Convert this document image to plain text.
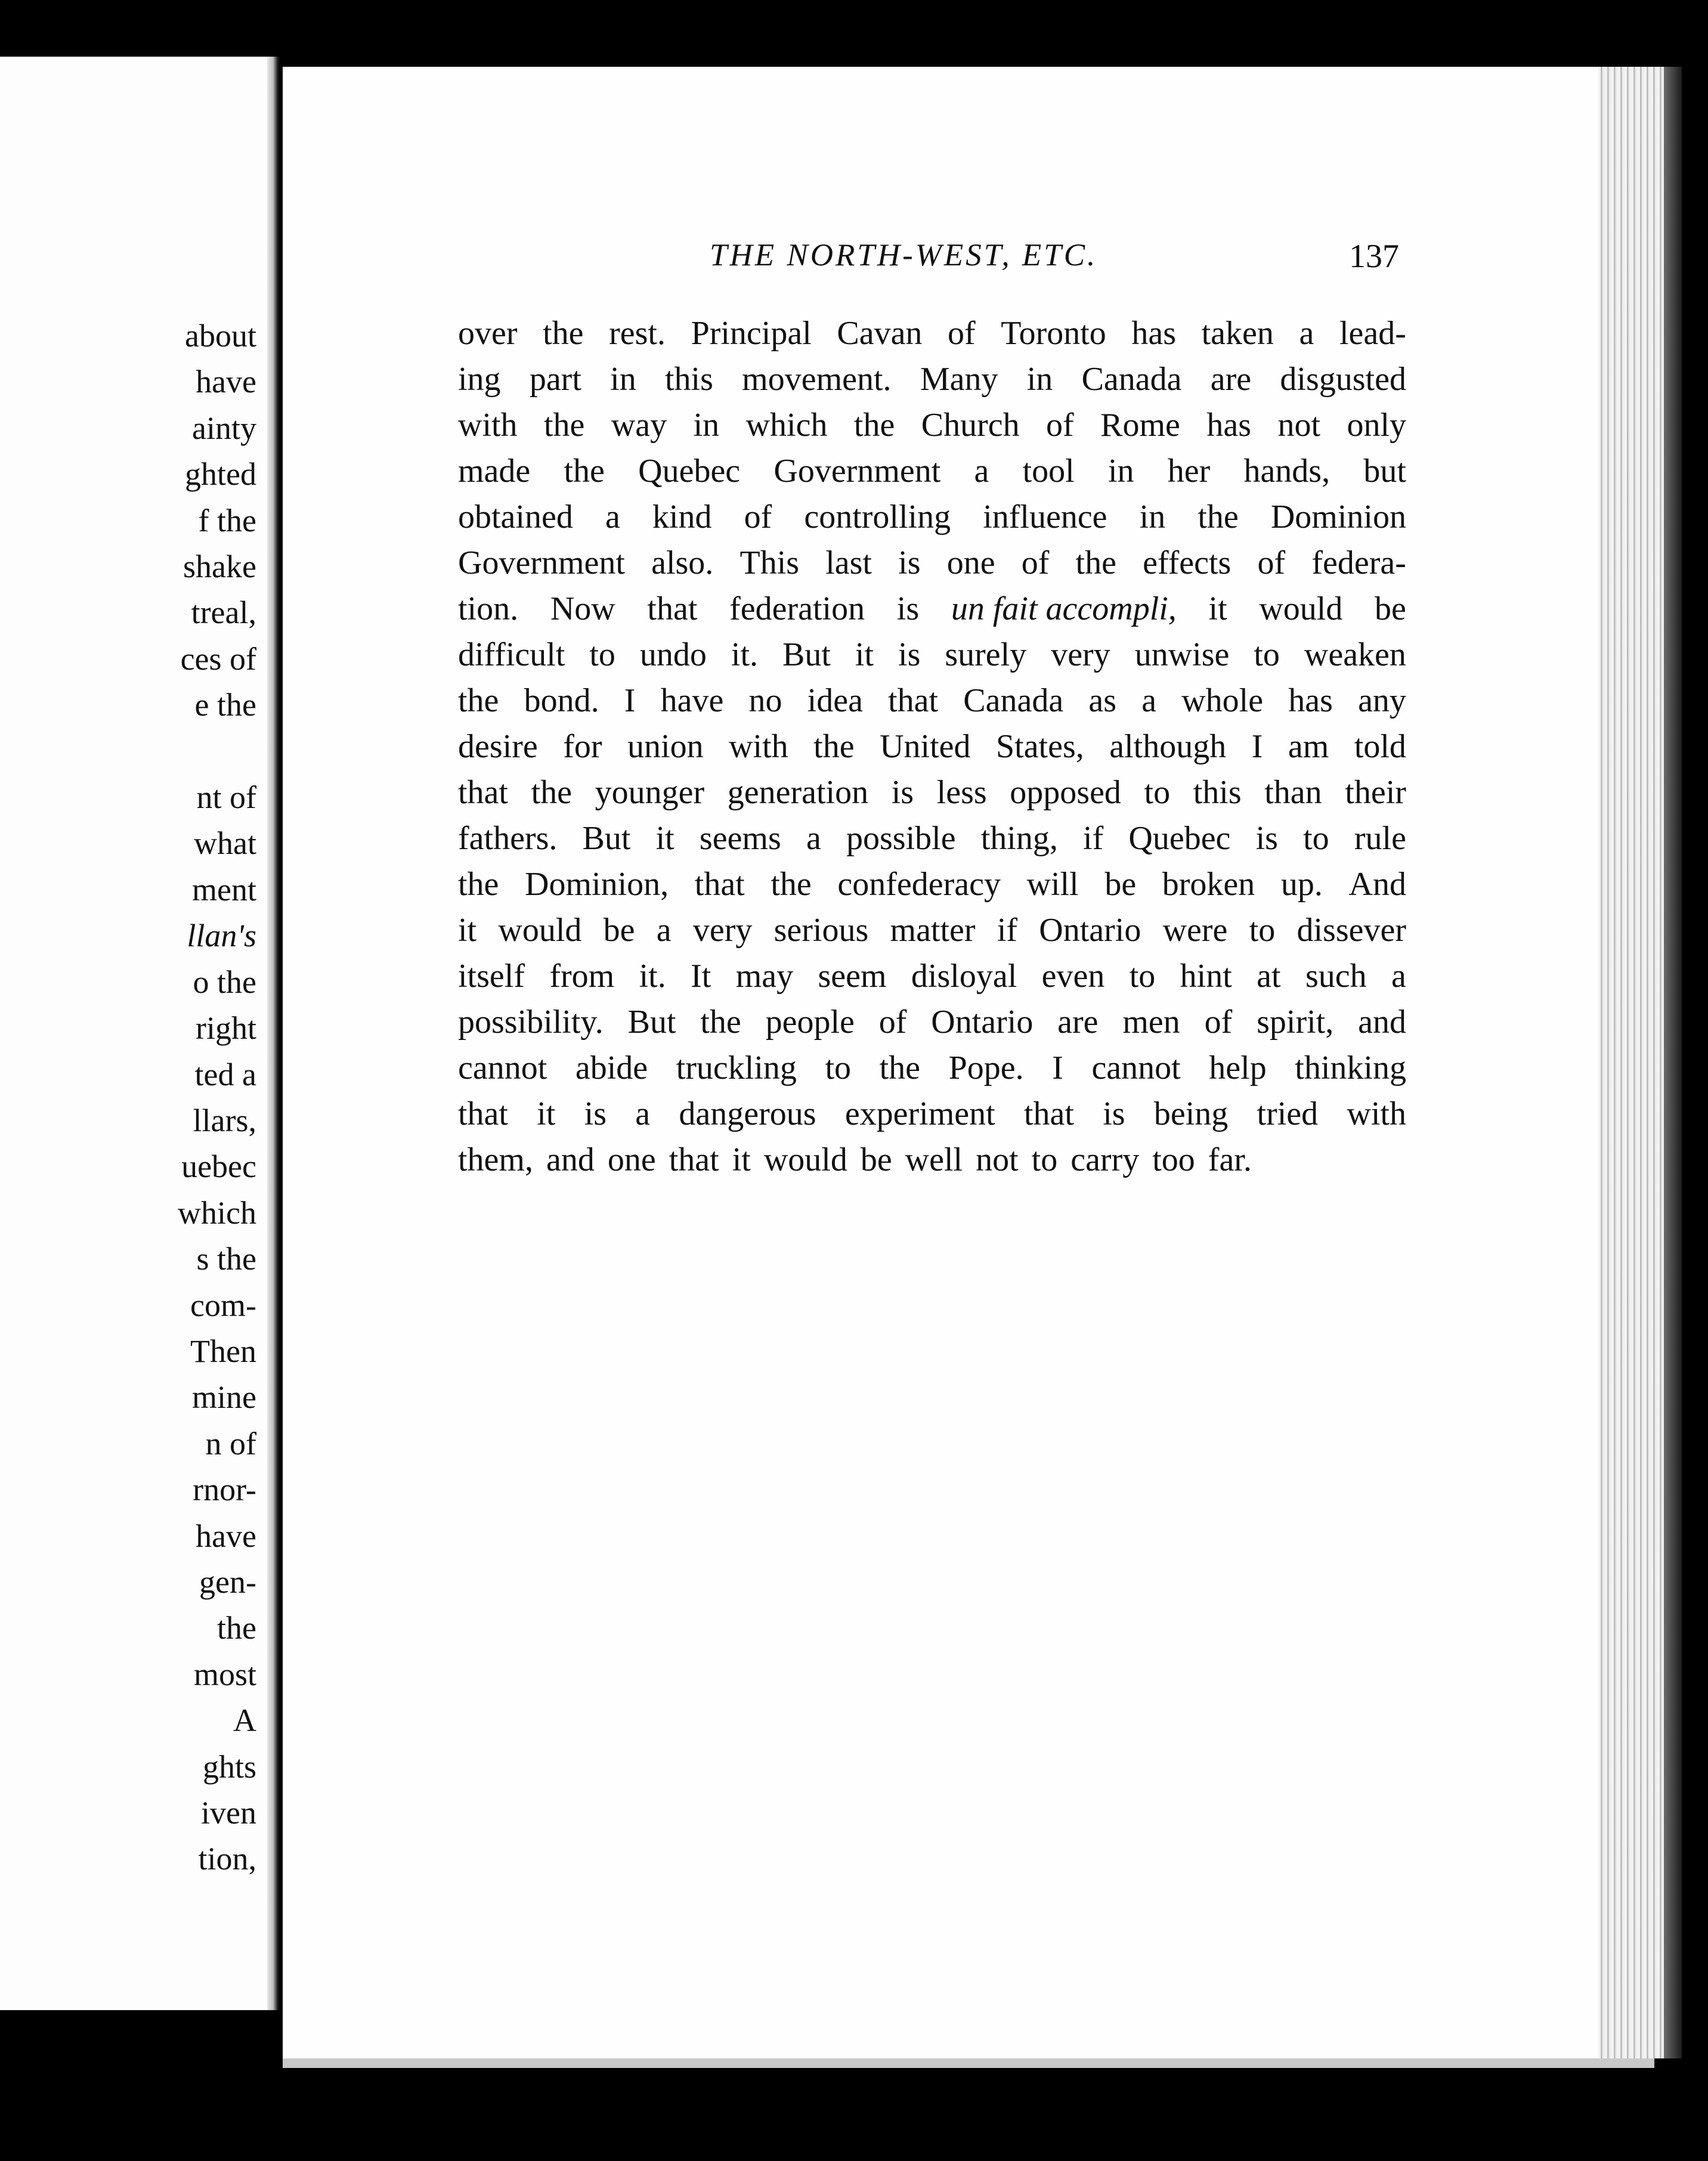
about
have
ainty
ghted
f the
shake
treal,
ces of
e the

nt of
what
ment
llan's
o the
right
ted a
llars,
uebec
which
s the
com-
Then
mine
n of
rnor-
have
gen-
the
most
A
ghts
iven
tion,
THE NORTH-WEST, ETC.	137
over the rest. Principal Cavan of Toronto has taken a lead-
ing part in this movement. Many in Canada are disgusted
with the way in which the Church of Rome has not only
made the Quebec Government a tool in her hands, but
obtained a kind of controlling influence in the Dominion
Government also. This last is one of the effects of federa-
tion. Now that federation is un fait accompli, it would be
difficult to undo it. But it is surely very unwise to weaken
the bond. I have no idea that Canada as a whole has any
desire for union with the United States, although I am told
that the younger generation is less opposed to this than their
fathers. But it seems a possible thing, if Quebec is to rule
the Dominion, that the confederacy will be broken up. And
it would be a very serious matter if Ontario were to dissever
itself from it. It may seem disloyal even to hint at such a
possibility. But the people of Ontario are men of spirit, and
cannot abide truckling to the Pope. I cannot help thinking
that it is a dangerous experiment that is being tried with
them, and one that it would be well not to carry too far.
